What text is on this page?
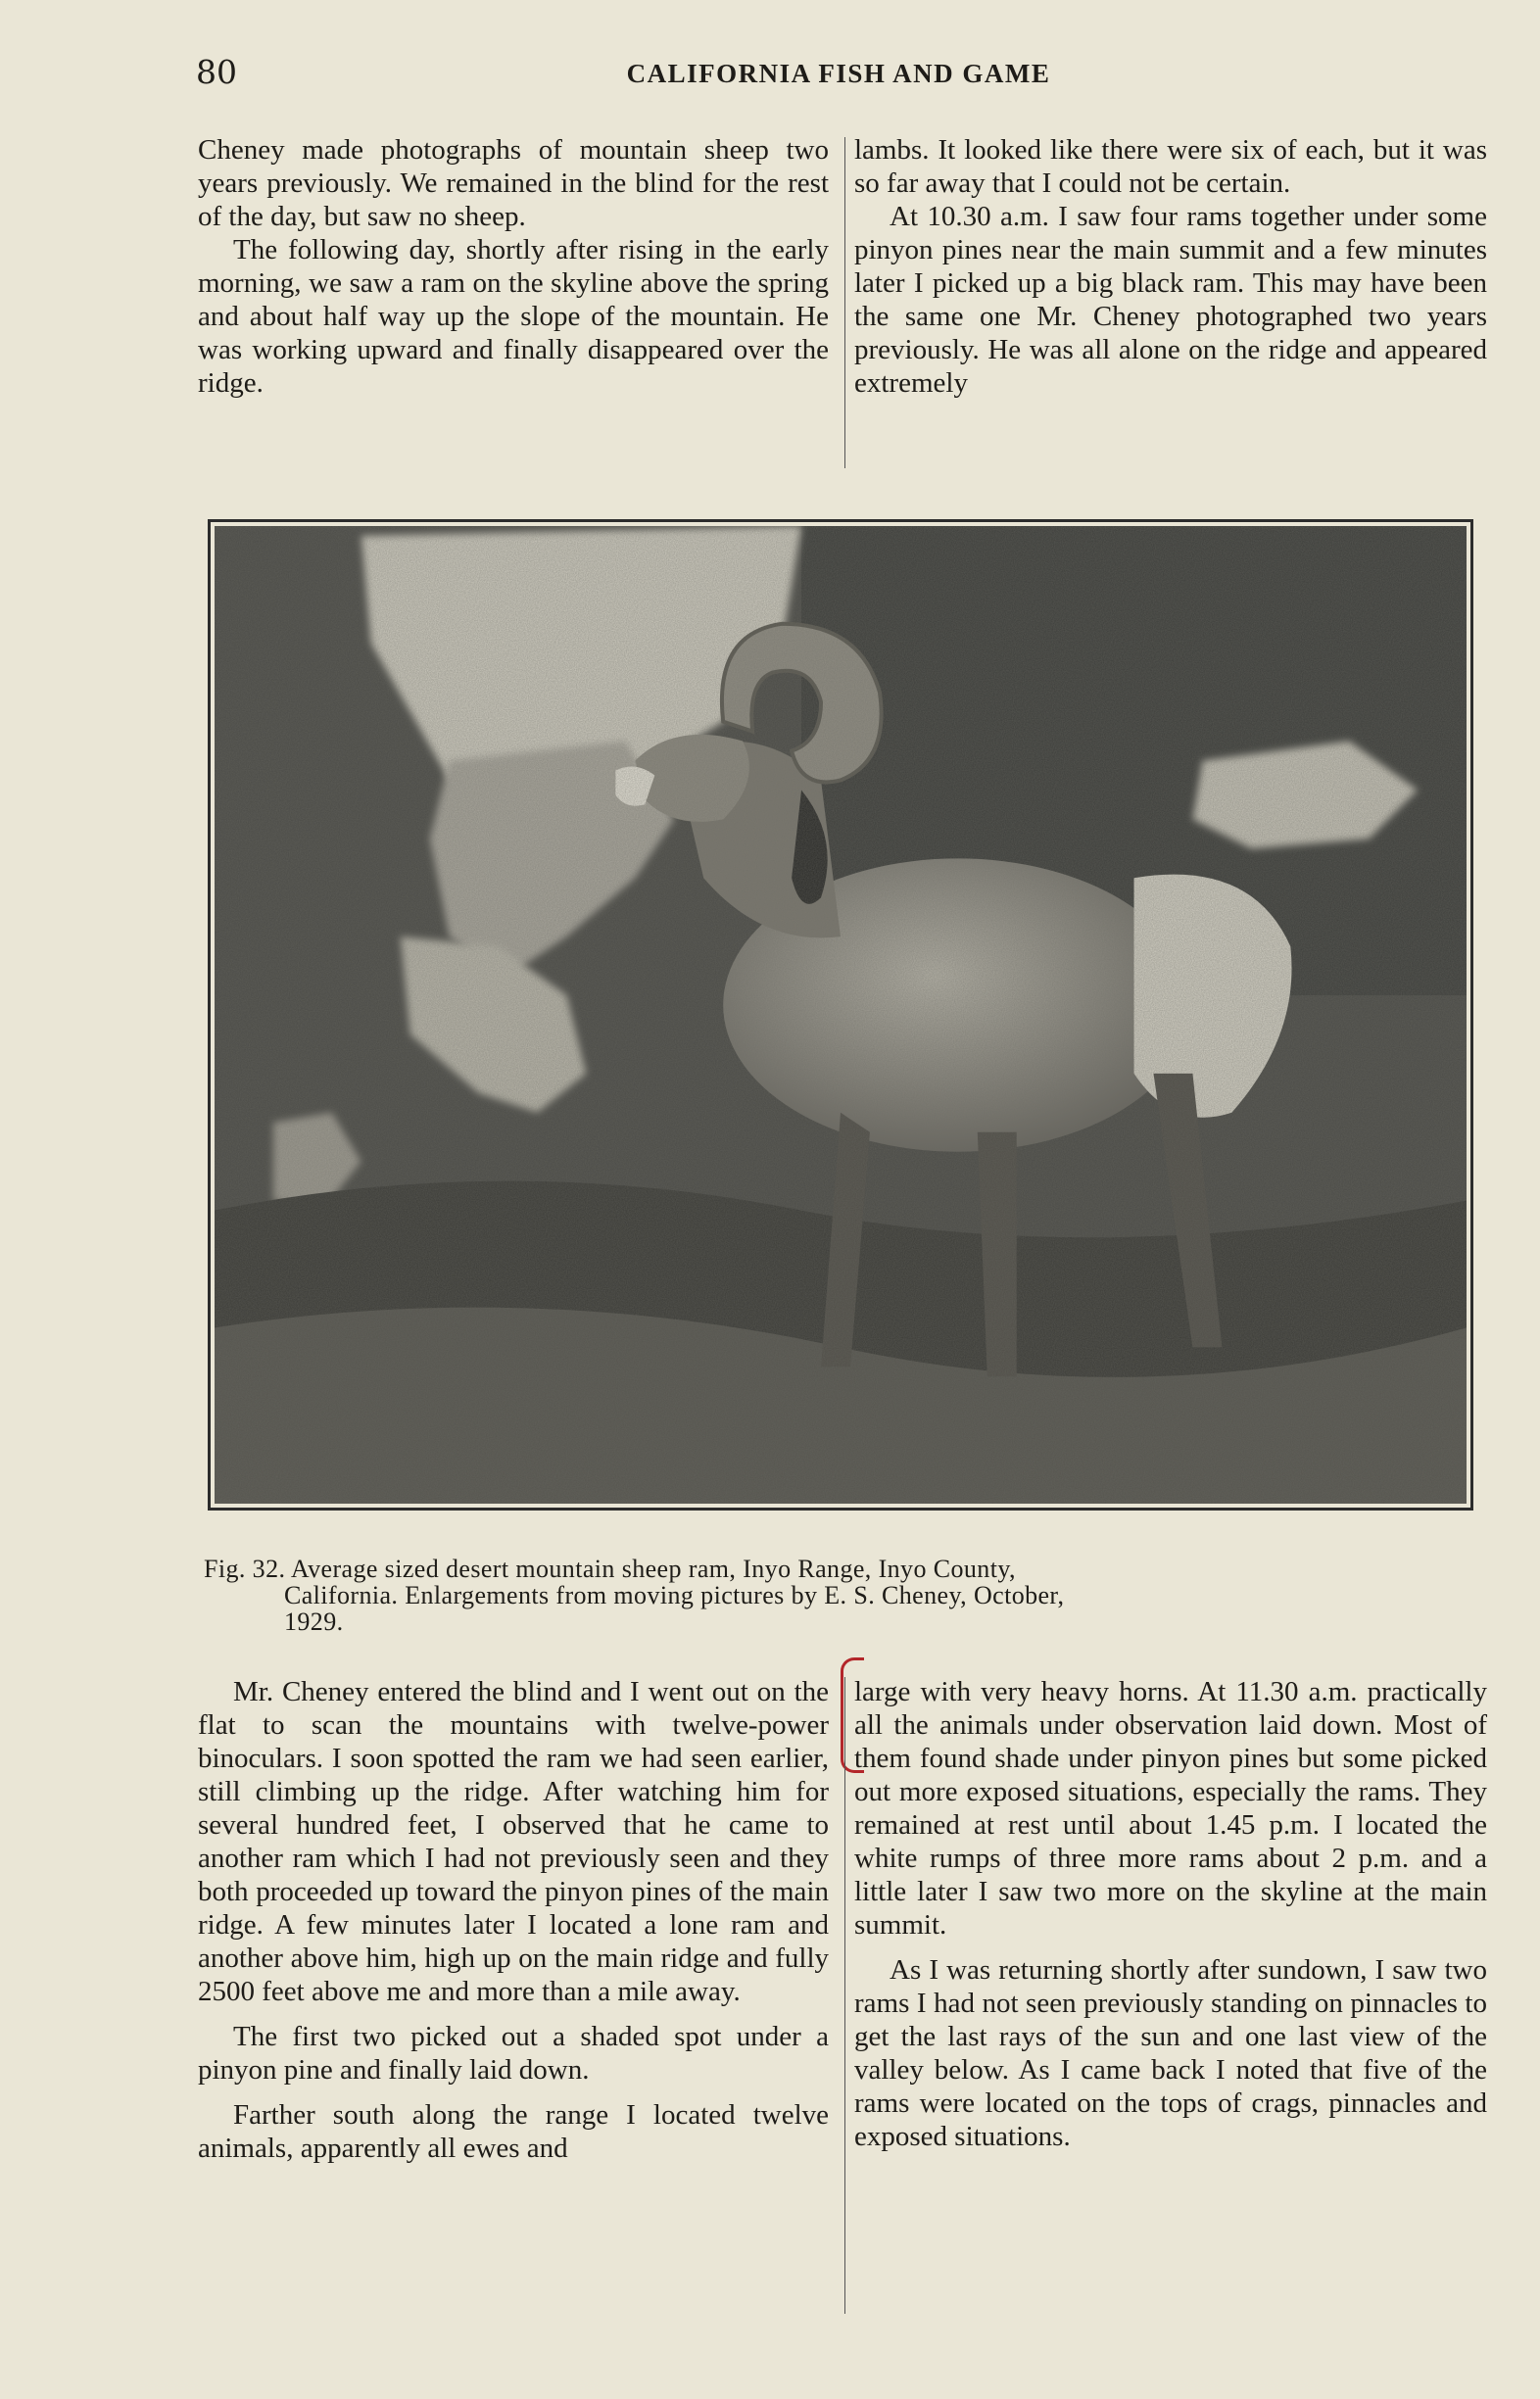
80	CALIFORNIA FISH AND GAME

Cheney made photographs of mountain sheep two years previously. We remained in the blind for the rest of the day, but saw no sheep.

The following day, shortly after rising in the early morning, we saw a ram on the skyline above the spring and about half way up the slope of the mountain. He was working upward and finally disappeared over the ridge.

lambs. It looked like there were six of each, but it was so far away that I could not be certain.

At 10.30 a.m. I saw four rams together under some pinyon pines near the main summit and a few minutes later I picked up a big black ram. This may have been the same one Mr. Cheney photographed two years previously. He was all alone on the ridge and appeared extremely

Fig. 32. Average sized desert mountain sheep ram, Inyo Range, Inyo County,
California. Enlargements from moving pictures by E. S. Cheney, October,
1929.

Mr. Cheney entered the blind and I went out on the flat to scan the mountains with twelve-power binoculars. I soon spotted the ram we had seen earlier, still climbing up the ridge. After watching him for several hundred feet, I observed that he came to another ram which I had not previously seen and they both proceeded up toward the pinyon pines of the main ridge. A few minutes later I located a lone ram and another above him, high up on the main ridge and fully 2500 feet above me and more than a mile away.

The first two picked out a shaded spot under a pinyon pine and finally laid down.

Farther south along the range I located twelve animals, apparently all ewes and

large with very heavy horns. At 11.30 a.m. practically all the animals under observation laid down. Most of them found shade under pinyon pines but some picked out more exposed situations, especially the rams. They remained at rest until about 1.45 p.m. I located the white rumps of three more rams about 2 p.m. and a little later I saw two more on the skyline at the main summit.

As I was returning shortly after sundown, I saw two rams I had not seen previously standing on pinnacles to get the last rays of the sun and one last view of the valley below. As I came back I noted that five of the rams were located on the tops of crags, pinnacles and exposed situations.
